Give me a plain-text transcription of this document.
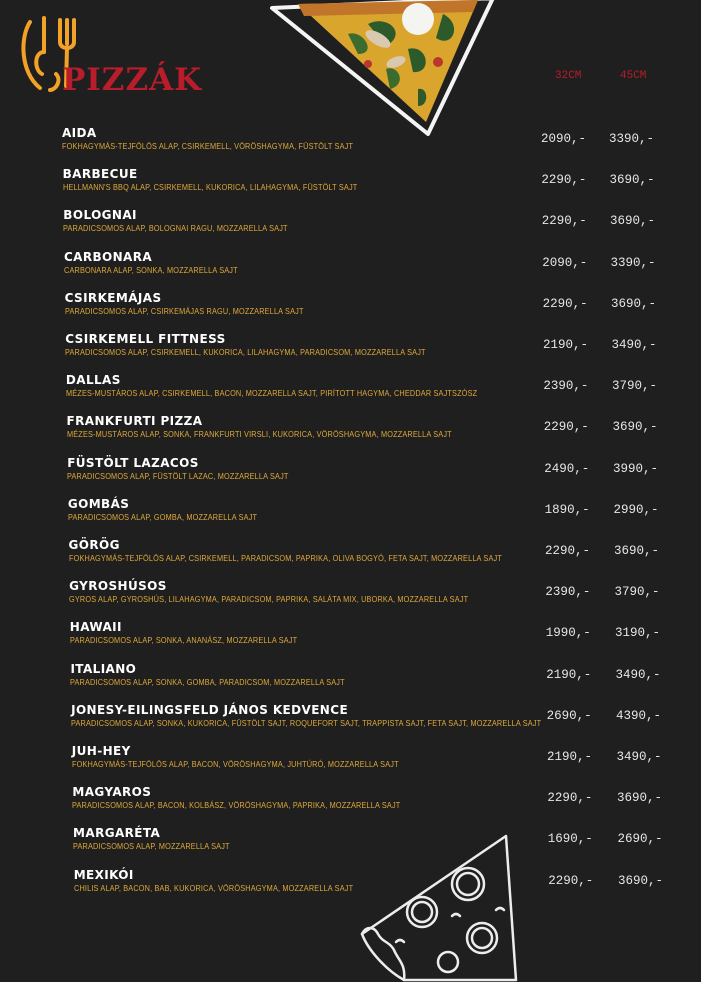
PIZZÁK	32CM	45CM
AIDA
FOKHAGYMÁS-TEJFÖLÖS ALAP, CSIRKEMELL, VÖRÖSHAGYMA, FÜSTÖLT SAJT	2090,- 3390,-
BARBECUE
HELLMANN'S BBQ ALAP, CSIRKEMELL, KUKORICA, LILAHAGYMA, FÜSTÖLT SAJT	2290,- 3690,-
BOLOGNAI
PARADICSOMOS ALAP, BOLOGNAI RAGU, MOZZARELLA SAJT	2290,- 3690,-
CARBONARA
CARBONARA ALAP, SONKA, MOZZARELLA SAJT	2090,- 3390,-
CSIRKEMÁJAS
PARADICSOMOS ALAP, CSIRKEMÁJAS RAGU, MOZZARELLA SAJT	2290,- 3690,-
CSIRKEMELL FITTNESS
PARADICSOMOS ALAP, CSIRKEMELL, KUKORICA, LILAHAGYMA, PARADICSOM, MOZZARELLA SAJT	2190,- 3490,-
DALLAS
MÉZES-MUSTÁROS ALAP, CSIRKEMELL, BACON, MOZZARELLA SAJT, PIRÍTOTT HAGYMA, CHEDDAR SAJTSZÓSZ	2390,- 3790,-
FRANKFURTI PIZZA
MÉZES-MUSTÁROS ALAP, SONKA, FRANKFURTI VIRSLI, KUKORICA, VÖRÖSHAGYMA, MOZZARELLA SAJT	2290,- 3690,-
FÜSTÖLT LAZACOS
PARADICSOMOS ALAP, FÜSTÖLT LAZAC, MOZZARELLA SAJT	2490,- 3990,-
GOMBÁS
PARADICSOMOS ALAP, GOMBA, MOZZARELLA SAJT	1890,- 2990,-
GÖRÖG
FOKHAGYMÁS-TEJFÖLÖS ALAP, CSIRKEMELL, PARADICSOM, PAPRIKA, OLIVA BOGYÓ, FETA SAJT, MOZZARELLA SAJT	2290,- 3690,-
GYROSHÚSOS
GYROS ALAP, GYROSHÚS, LILAHAGYMA, PARADICSOM, PAPRIKA, SALÁTA MIX, UBORKA, MOZZARELLA SAJT	2390,- 3790,-
HAWAII
PARADICSOMOS ALAP, SONKA, ANANÁSZ, MOZZARELLA SAJT	1990,- 3190,-
ITALIANO
PARADICSOMOS ALAP, SONKA, GOMBA, PARADICSOM, MOZZARELLA SAJT	2190,- 3490,-
JONESY-EILINGSFELD JÁNOS KEDVENCE
PARADICSOMOS ALAP, SONKA, KUKORICA, FÜSTÖLT SAJT, ROQUEFORT SAJT, TRAPPISTA SAJT, FETA SAJT, MOZZARELLA SAJT 2690,- 4390,-
JUH-HEY
FOKHAGYMÁS-TEJFÖLÖS ALAP, BACON, VÖRÖSHAGYMA, JUHTÚRÓ, MOZZARELLA SAJT	2190,- 3490,-
MAGYAROS
PARADICSOMOS ALAP, BACON, KOLBÁSZ, VÖRÖSHAGYMA, PAPRIKA, MOZZARELLA SAJT	2290,- 3690,-
MARGARÉTA
PARADICSOMOS ALAP, MOZZARELLA SAJT	1690,- 2690,-
MEXIKÓI
CHILIS ALAP, BACON, BAB, KUKORICA, VÖRÖSHAGYMA, MOZZARELLA SAJT	2290,- 3690,-
